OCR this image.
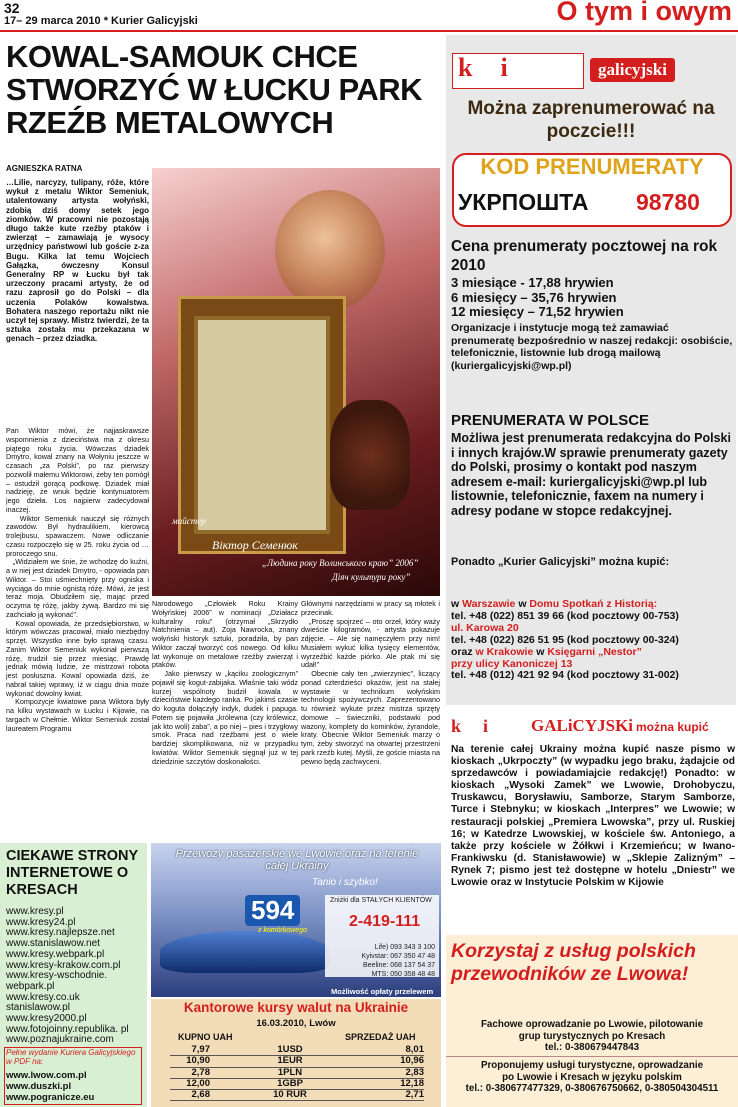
32
17– 29 marca 2010 * Kurier Galicyjski	O tym i owym
KOWAL-SAMOUK CHCE STWORZYĆ W ŁUCKU PARK RZEŹB METALOWYCH
AGNIESZKA RATNA
…Lilie, narcyzy, tulipany, róże, które wykuł z metalu Wiktor Semeniuk, utalentowany artysta wołyński, zdobią dziś domy setek jego ziomków. W pracowni nie pozostają długo także kute rzeźby ptaków i zwierząt – zamawiają je wysocy urzędnicy państwowi lub goście z-za Bugu. Kilka lat temu Wojciech Gałązka, ówczesny Konsul Generalny RP w Łucku był tak urzeczony pracami artysty, że od razu zaprosił go do Polski – dla uczenia Polaków kowalstwa. Bohatera naszego reportażu nikt nie uczył tej sprawy. Mistrz twierdzi, że ta sztuka została mu przekazana w genach – przez dziadka.
Pan Wiktor mówi, że najjaskrawsze wspomnienia z dzieciństwa ma z okresu piątego roku życia. Wówczas dziadek Dmytro, kowal znany na Wołyniu jeszcze w czasach „za Polski”, po raz pierwszy pozwolił małemu Wiktorowi, żeby ten pomógł – ostudził gorącą podkowę. Dziadek miał nadzieję, że wnuk będzie kontynuatorem jego dzieła. Los najpierw zadecydował inaczej.
Wiktor Semeniuk nauczył się różnych zawodów. Był hydraulikiem, kierowcą trolejbusu, spawaczem. Nowe odliczanie czasu rozpoczęło się w 25. roku życia od … proroczego snu.
„Widziałem we śnie, że wchodzę do kuźni, a w niej jest dziadek Dmytro, - opowiada pan Wiktor. – Stoi uśmiechnięty przy ogniska i wyciąga do mnie ognistą różę. Mówi, że jest teraz moja. Obudziłem się, mając przed oczyma tę różę, jakby żywą. Bardzo mi się zachciało ją wykonać”.
Kowal opowiada, że przedsiębiorstwo, w którym wówczas pracował, miało niezbędny sprzęt. Wszystko inne było sprawą czasu. Zanim Wiktor Semeniuk wykonał pierwszą różę, trudził się przez miesiąc. Prawdę jednak mówią ludzie, że mistrzowi robota jest posłuszna. Kowal opowiada dziś, że nabrał takiej wprawy, iż w ciągu dnia może wykonać dowolny kwiat.
Kompozycje kwiatowe pana Wiktora były na kilku wystawach w Łucku i Kijowie, na targach w Chełmie. Wiktor Semeniuk został laureatem Programu
Narodowego „Człowiek Roku Krainy Wołyńskiej 2006” w nominacji „Działacz kulturalny roku” (otrzymał „Skrzydło Natchnienia – aut). Zoja Nawrocka, znany wołyński historyk sztuki, poradziła, by pan Wiktor zaczął tworzyć coś nowego. Od kilku lat wykonuje on metalowe rzeźby zwierząt i ptaków.
Jako pierwszy w „kąciku zoologicznym” pojawił się kogut-zabijaka. Właśnie taki wódz kurzej wspólnoty budził kowala w dzieciństwie każdego ranka. Po jakimś czasie do koguta dołączyły indyk, dudek i papuga. Potem się pojawiła „królewna (czy królewicz, jak kto woli) żaba”, a po niej – pies i trzygłowy smok. Praca nad rzeźbami jest o wiele bardziej skomplikowana, niż w przypadku kwiatów. Wiktor Semeniuk sięgnął już w tej dziedzinie szczytów doskonałości.
Głównymi narzędziami w pracy są młotek i przecinak.
„Proszę spojrzeć – oto orzeł, który waży dwieście kilogramów, - artysta pokazuje zdjęcie. – Ale się namęczyłem przy nim! Musiałem wykuć kilka tysięcy elementów, wyrzeźbić każde piórko. Ale ptak mi się udał!”
Obecnie cały ten „zwierzyniec”, liczący ponad czterdzieści okazów, jest na stałej wystawie w technikum wołyńskim technologii spożywczych. Zaprezentowano tu również wykute przez mistrza sprzęty domowe – świeczniki, podstawki pod wazony, komplety do kominków, żyrandole, kraty. Obecnie Wiktor Semeniuk marzy o tym, żeby stworzyć na otwartej przestrzeni park rzeźb kutej. Myśli, że goście miasta na pewno będą zachwyceni.
майстер
Віктор Семенюк
„Людина року Волинського краю” 2006”
Діяч культури року”
CIEKAWE STRONY INTERNETOWE O KRESACH
www.kresy.pl
www.kresy24.pl
www.kresy.najlepsze.net
www.stanislawow.net
www.kresy.webpark.pl
www.kresy-krakow.com.pl
www.kresy-wschodnie.
webpark.pl
www.kresy.co.uk
stanislawow.pl
www.kresy2000.pl
www.fotojoinny.republika. pl
www.poznajukraine.com
Pełne wydanie Kuriera Galicyjskiego w PDF na:
www.lwow.com.pl
www.duszki.pl
www.pogranicze.eu
Przewozy pasażerskie we Lwowie oraz na terenie całej Ukrainy
Tanio i szybko!
594
z komórkowego
Zniżki dla STAŁYCH KLIENTÓW
2-419-111
Life) 093 343 3 100
Kyivstar: 067 350 47 48
Beeline: 068 137 54 37
MTS: 050 358 48 48
Możliwość opłaty przelewem
Kantorowe kursy walut na Ukrainie
16.03.2010, Lwów
KUPNO UAH	SPRZEDAŻ UAH
7,97	1USD	8,01
10,90	1EUR	10,96
2,78	1PLN	2,83
12,00	1GBP	12,18
2,68	10 RUR	2,71
ki	galicyjski
Można zaprenumerować na poczcie!!!
KOD PRENUMERATY
УКРПОШТА 98780
Cena prenumeraty pocztowej na rok 2010
3 miesiące - 17,88 hrywien
6 miesięcy – 35,76 hrywien
12 miesięcy – 71,52 hrywien
Organizacje i instytucje mogą też zamawiać prenumeratę bezpośrednio w naszej redakcji: osobiście, telefonicznie, listownie lub drogą mailową (kuriergalicyjski@wp.pl)
PRENUMERATA W POLSCE
Możliwa jest prenumerata redakcyjna do Polski i innych krajów.W sprawie prenumeraty gazety do Polski, prosimy o kontakt pod naszym adresem e-mail: kuriergalicyjski@wp.pl lub listownie, telefonicznie, faxem na numery i adresy podane w stopce redakcyjnej.
Ponadto „Kurier Galicyjski” można kupić:
w Warszawie w Domu Spotkań z Historią:
tel. +48 (022) 851 39 66 (kod pocztowy 00-753)
ul. Karowa 20
tel. +48 (022) 826 51 95 (kod pocztowy 00-324)
oraz w Krakowie w Księgarni „Nestor”
przy ulicy Kanoniczej 13
tel. +48 (012) 421 92 94 (kod pocztowy 31-002)
ki GALiCYJSKi można kupić
Na terenie całej Ukrainy można kupić nasze pismo w kioskach „Ukrpoczty” (w wypadku jego braku, żądajcie od sprzedawców i powiadamiajcie redakcję!) Ponadto: w kioskach „Wysoki Zamek” we Lwowie, Drohobyczu, Truskawcu, Borysławiu, Samborze, Starym Samborze, Turce i Stebnyku; w kioskach „Interpres” we Lwowie; w restauracji polskiej „Premiera Lwowska”, przy ul. Ruskiej 16; w Katedrze Lwowskiej, w kościele św. Antoniego, a także przy kościele w Żółkwi i Krzemieńcu; w Iwano-Frankiwsku (d. Stanisławowie) w „Sklepie Zalizným” – Rynek 7; pismo jest też dostępne w hotelu „Dniestr” we Lwowie oraz w Instytucie Polskim w Kijowie
Korzystaj z usług polskich przewodników ze Lwowa!
Fachowe oprowadzanie po Lwowie, pilotowanie
grup turystycznych po Kresach
tel.: 0-380679447843
Proponujemy usługi turystyczne, oprowadzanie
po Lwowie i Kresach w języku polskim
tel.: 0-380677477329, 0-380676750662, 0-380504304511
